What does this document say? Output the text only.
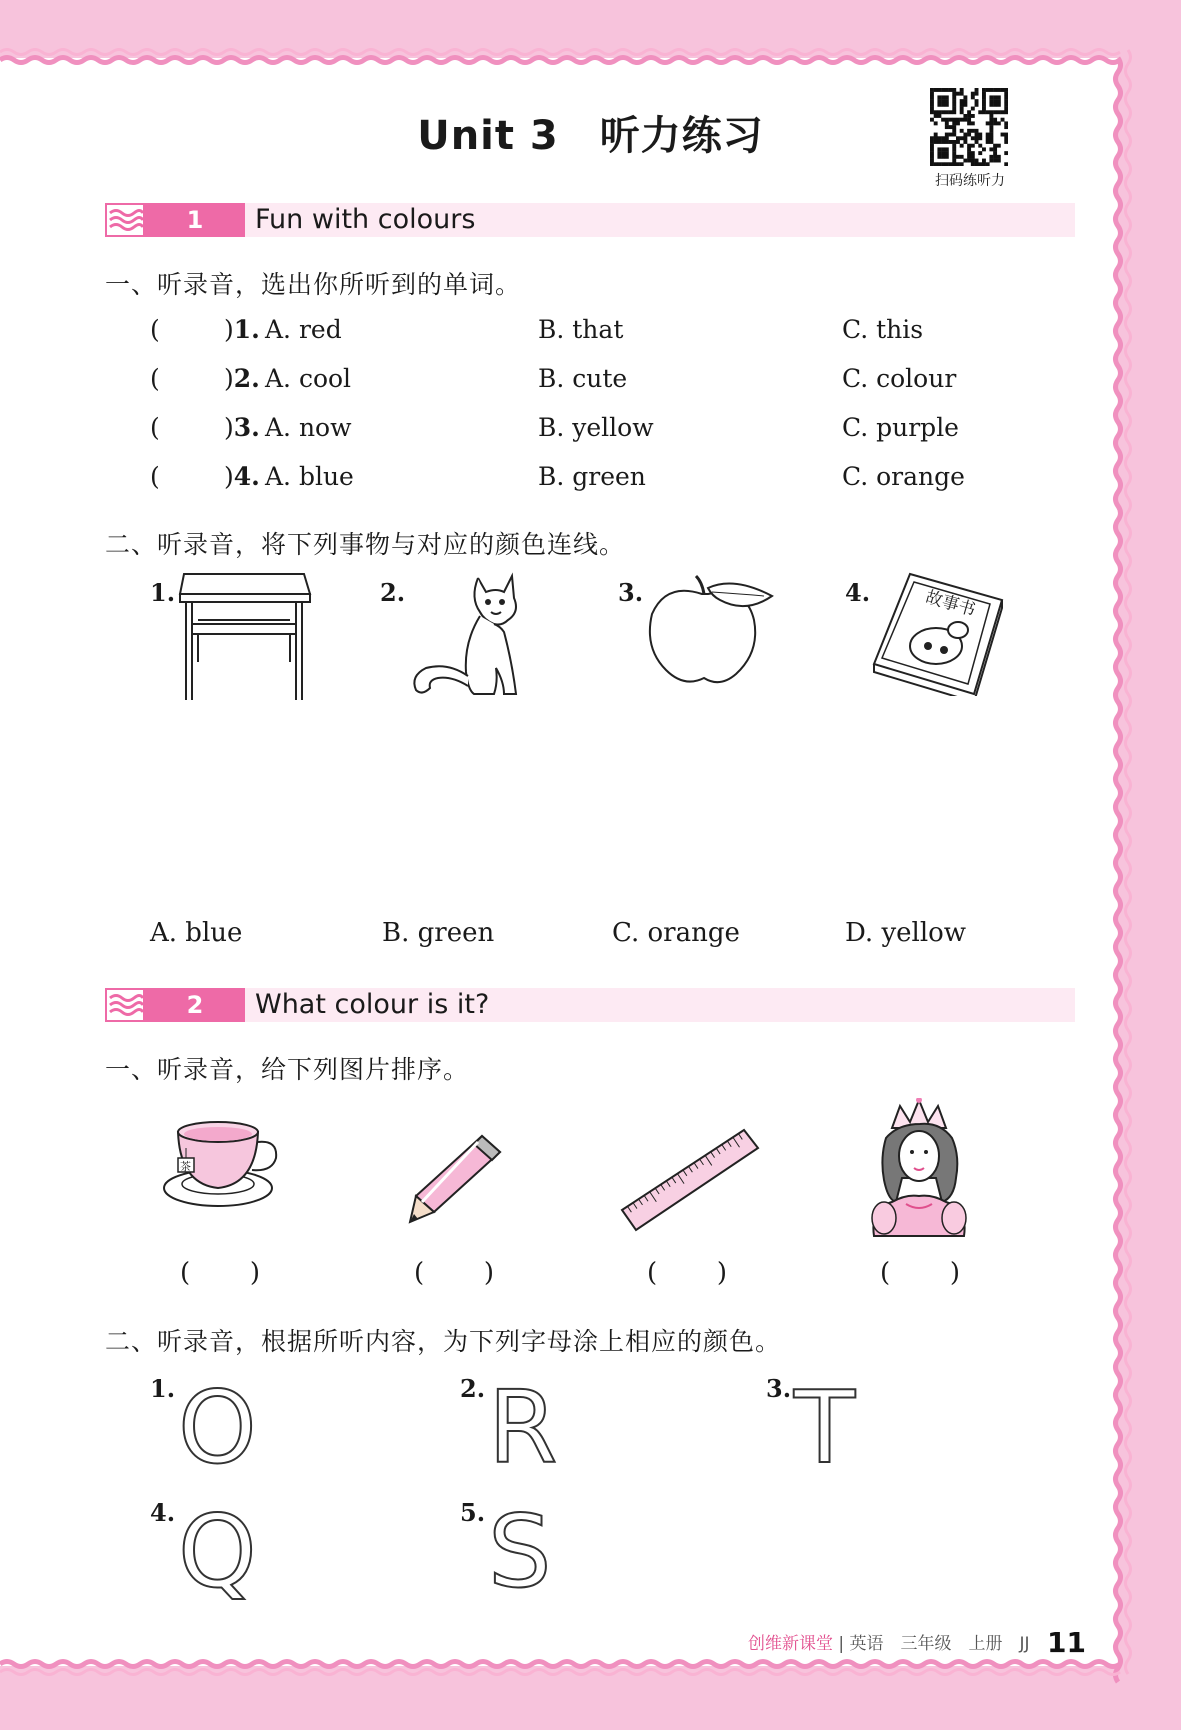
Unit 3　听力练习
扫码练听力
1	Fun with colours
一、听录音，选出你所听到的单词。
(	)1. A. red	B. that	C. this
(	)2. A. cool	B. cute	C. colour
(	)3. A. now	B. yellow	C. purple
(	)4. A. blue	B. green	C. orange
二、听录音，将下列事物与对应的颜色连线。
1.	2.	3.	4.	故事书
A. blue	B. green	C. orange	D. yellow
2	What colour is it?
一、听录音，给下列图片排序。
茶
( )	( )	( )	( )
二、听录音，根据所听内容，为下列字母涂上相应的颜色。
1. O	2. R	3. T
4. Q	5. S
创维新课堂 | 英语　三年级　上册　JJ 11
